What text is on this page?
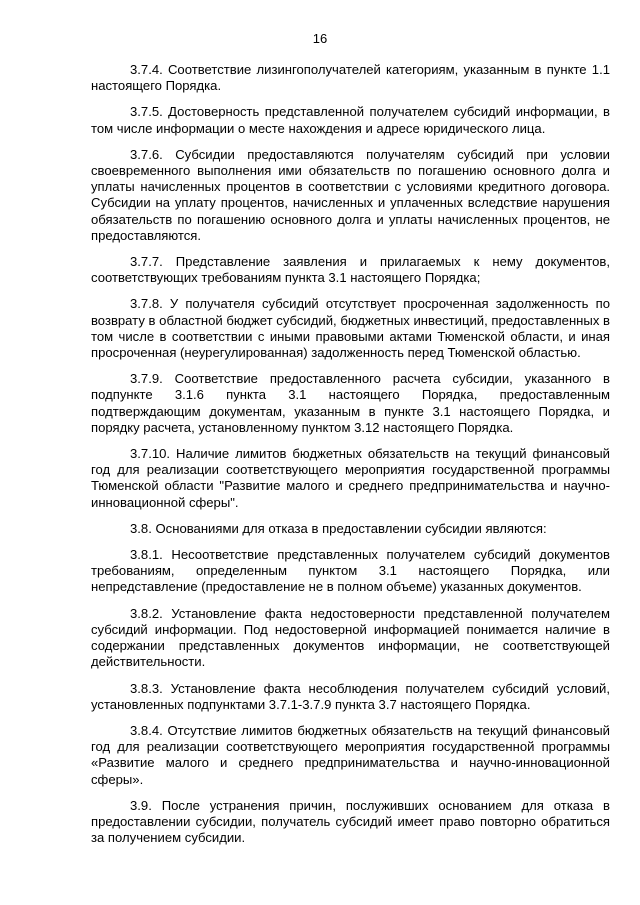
16

3.7.4. Соответствие лизингополучателей категориям, указанным в пункте 1.1 настоящего Порядка.

3.7.5. Достоверность представленной получателем субсидий информации, в том числе информации о месте нахождения и адресе юридического лица.

3.7.6. Субсидии предоставляются получателям субсидий при условии своевременного выполнения ими обязательств по погашению основного долга и уплаты начисленных процентов в соответствии с условиями кредитного договора. Субсидии на уплату процентов, начисленных и уплаченных вследствие нарушения обязательств по погашению основного долга и уплаты начисленных процентов, не предоставляются.

3.7.7. Представление заявления и прилагаемых к нему документов, соответствующих требованиям пункта 3.1 настоящего Порядка;

3.7.8. У получателя субсидий отсутствует просроченная задолженность по возврату в областной бюджет субсидий, бюджетных инвестиций, предоставленных в том числе в соответствии с иными правовыми актами Тюменской области, и иная просроченная (неурегулированная) задолженность перед Тюменской областью.

3.7.9. Соответствие предоставленного расчета субсидии, указанного в подпункте 3.1.6 пункта 3.1 настоящего Порядка, предоставленным подтверждающим документам, указанным в пункте 3.1 настоящего Порядка, и порядку расчета, установленному пунктом 3.12 настоящего Порядка.

3.7.10. Наличие лимитов бюджетных обязательств на текущий финансовый год для реализации соответствующего мероприятия государственной программы Тюменской области "Развитие малого и среднего предпринимательства и научно-инновационной сферы".

3.8. Основаниями для отказа в предоставлении субсидии являются:

3.8.1. Несоответствие представленных получателем субсидий документов требованиям, определенным пунктом 3.1 настоящего Порядка, или непредставление (предоставление не в полном объеме) указанных документов.

3.8.2. Установление факта недостоверности представленной получателем субсидий информации. Под недостоверной информацией понимается наличие в содержании представленных документов информации, не соответствующей действительности.

3.8.3. Установление факта несоблюдения получателем субсидий условий, установленных подпунктами 3.7.1-3.7.9 пункта 3.7 настоящего Порядка.

3.8.4. Отсутствие лимитов бюджетных обязательств на текущий финансовый год для реализации соответствующего мероприятия государственной программы «Развитие малого и среднего предпринимательства и научно-инновационной сферы».

3.9. После устранения причин, послуживших основанием для отказа в предоставлении субсидии, получатель субсидий имеет право повторно обратиться за получением субсидии.
